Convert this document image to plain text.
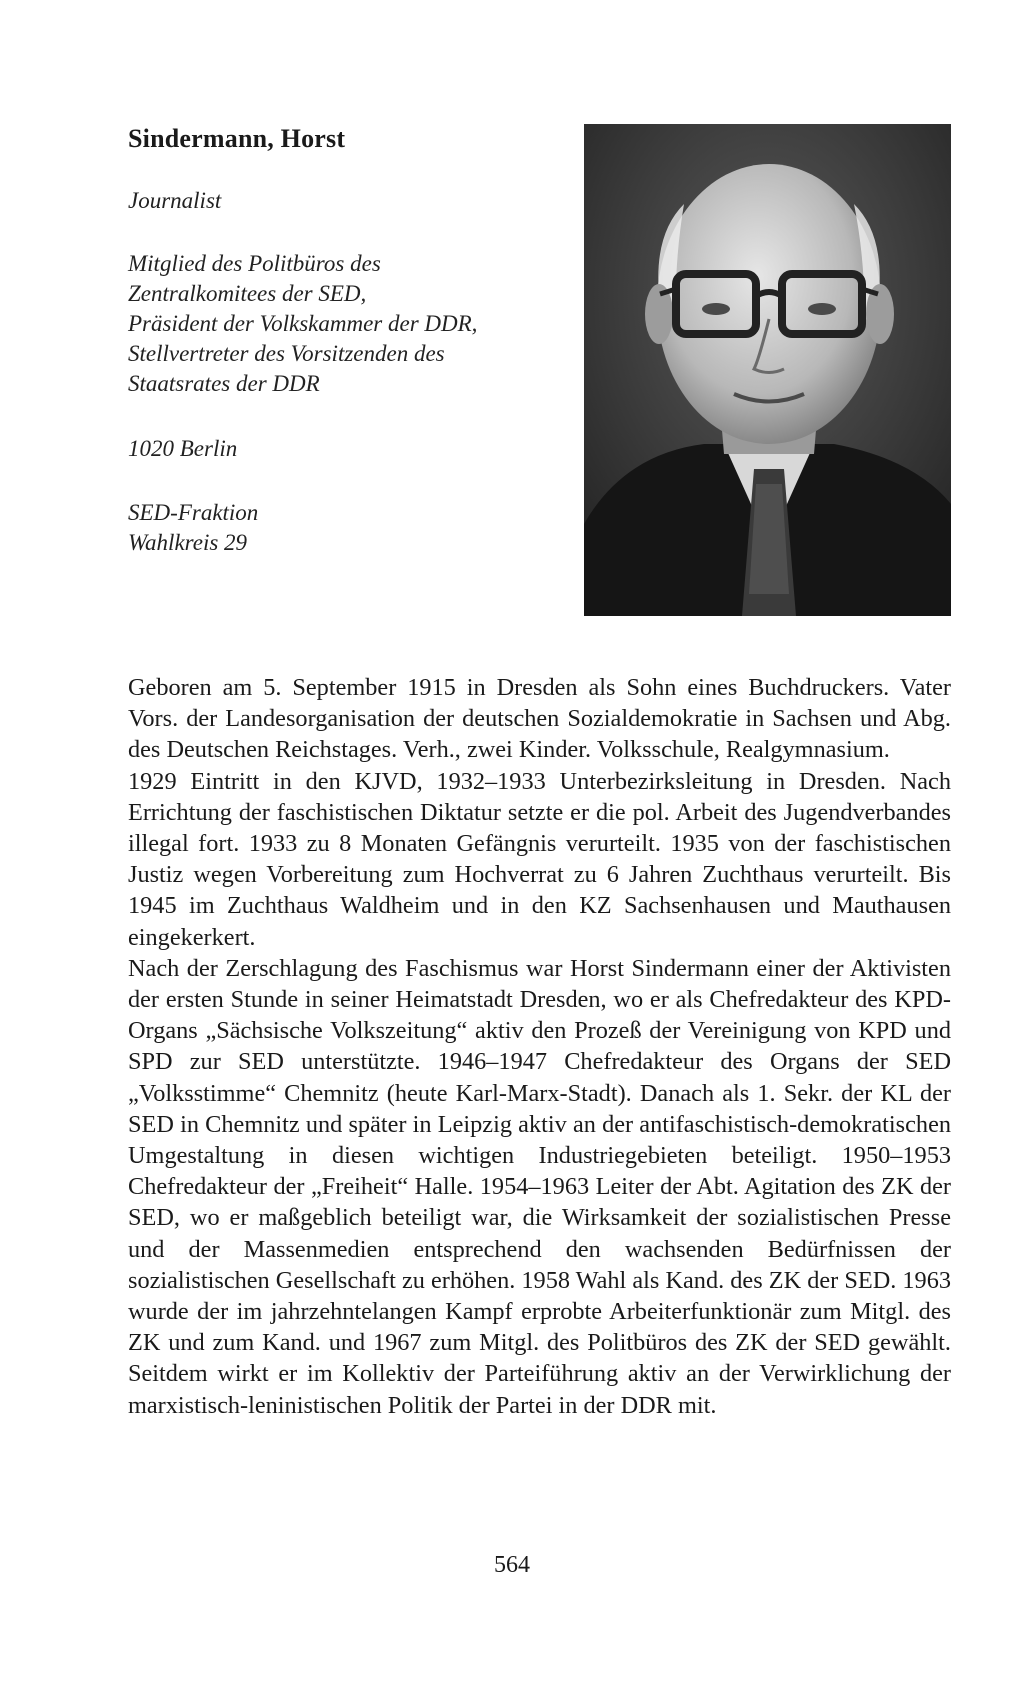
Sindermann, Horst
Journalist
Mitglied des Politbüros des
Zentralkomitees der SED,
Präsident der Volkskammer der DDR,
Stellvertreter des Vorsitzenden des
Staatsrates der DDR
1020 Berlin
SED-Fraktion
Wahlkreis 29

Geboren am 5. September 1915 in Dresden als Sohn eines Buchdruckers. Vater Vors. der Landesorganisation der deutschen Sozialdemokratie in Sachsen und Abg. des Deutschen Reichstages. Verh., zwei Kinder. Volksschule, Realgymnasium.

1929 Eintritt in den KJVD, 1932–1933 Unterbezirksleitung in Dresden. Nach Errichtung der faschistischen Diktatur setzte er die pol. Arbeit des Jugendverbandes illegal fort. 1933 zu 8 Monaten Gefängnis verurteilt. 1935 von der faschistischen Justiz wegen Vorbereitung zum Hochverrat zu 6 Jahren Zuchthaus verurteilt. Bis 1945 im Zuchthaus Waldheim und in den KZ Sachsenhausen und Mauthausen eingekerkert.

Nach der Zerschlagung des Faschismus war Horst Sindermann einer der Aktivisten der ersten Stunde in seiner Heimatstadt Dresden, wo er als Chefredakteur des KPD-Organs „Sächsische Volkszeitung“ aktiv den Prozeß der Vereinigung von KPD und SPD zur SED unterstützte. 1946–1947 Chefredakteur des Organs der SED „Volksstimme“ Chemnitz (heute Karl-Marx-Stadt). Danach als 1. Sekr. der KL der SED in Chemnitz und später in Leipzig aktiv an der antifaschistisch-demokratischen Umgestaltung in diesen wichtigen Industriegebieten beteiligt. 1950–1953 Chefredakteur der „Freiheit“ Halle. 1954–1963 Leiter der Abt. Agitation des ZK der SED, wo er maßgeblich beteiligt war, die Wirksamkeit der sozialistischen Presse und der Massenmedien entsprechend den wachsenden Bedürfnissen der sozialistischen Gesellschaft zu erhöhen. 1958 Wahl als Kand. des ZK der SED. 1963 wurde der im jahrzehntelangen Kampf erprobte Arbeiterfunktionär zum Mitgl. des ZK und zum Kand. und 1967 zum Mitgl. des Politbüros des ZK der SED gewählt. Seitdem wirkt er im Kollektiv der Parteiführung aktiv an der Verwirklichung der marxistisch-leninistischen Politik der Partei in der DDR mit.

564
